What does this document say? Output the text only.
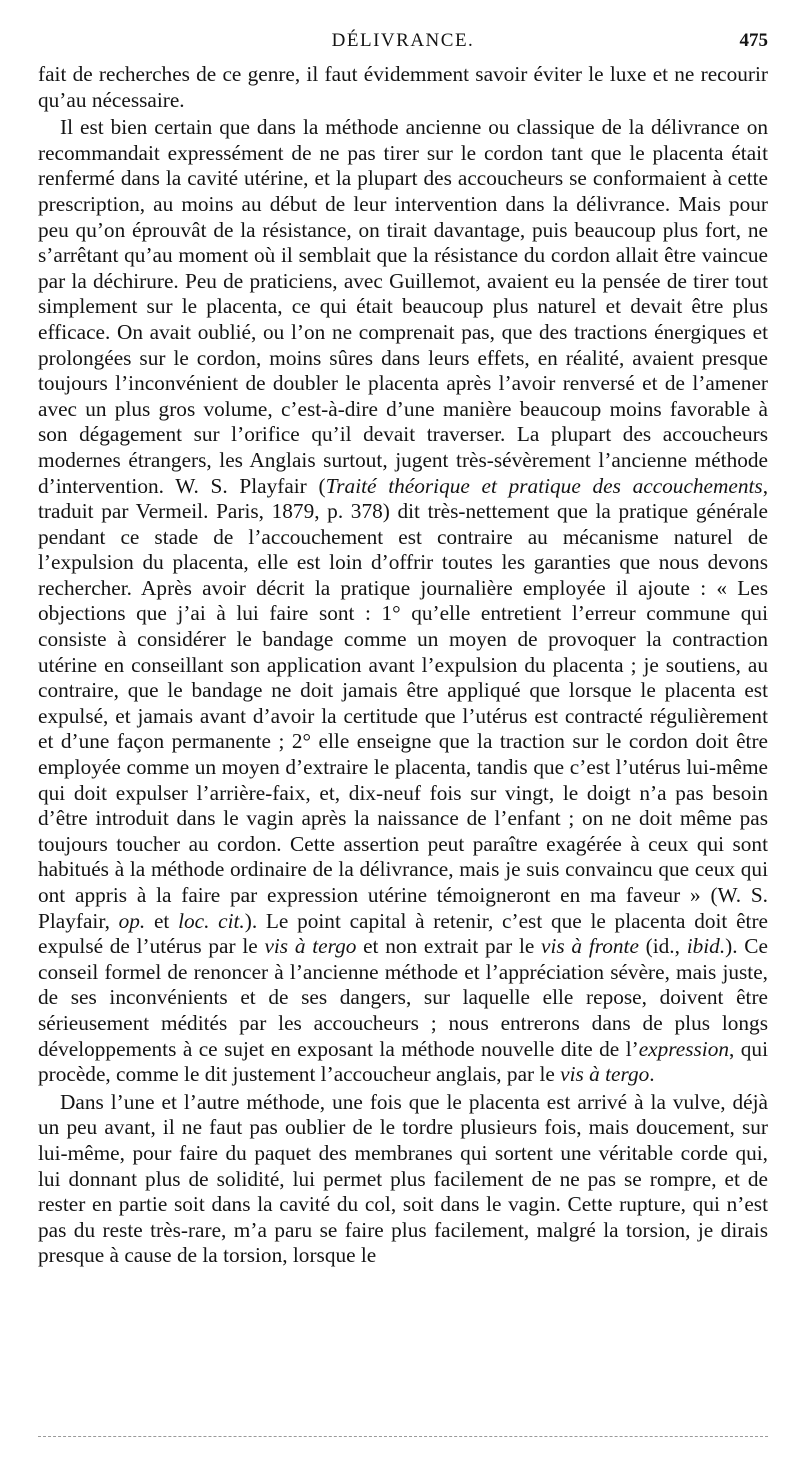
DÉLIVRANCE.	475

fait de recherches de ce genre, il faut évidemment savoir éviter le luxe et ne recourir qu’au nécessaire.

Il est bien certain que dans la méthode ancienne ou classique de la délivrance on recommandait expressément de ne pas tirer sur le cordon tant que le placenta était renfermé dans la cavité utérine, et la plupart des accoucheurs se conformaient à cette prescription, au moins au début de leur intervention dans la délivrance. Mais pour peu qu’on éprouvât de la résistance, on tirait davantage, puis beaucoup plus fort, ne s’arrêtant qu’au moment où il semblait que la résistance du cordon allait être vaincue par la déchirure. Peu de praticiens, avec Guillemot, avaient eu la pensée de tirer tout simplement sur le placenta, ce qui était beaucoup plus naturel et devait être plus efficace. On avait oublié, ou l’on ne comprenait pas, que des tractions énergiques et prolongées sur le cordon, moins sûres dans leurs effets, en réalité, avaient presque toujours l’inconvénient de doubler le placenta après l’avoir renversé et de l’amener avec un plus gros volume, c’est-à-dire d’une manière beaucoup moins favorable à son dégagement sur l’orifice qu’il devait traverser. La plupart des accoucheurs modernes étrangers, les Anglais surtout, jugent très-sévèrement l’ancienne méthode d’intervention. W. S. Playfair (Traité théorique et pratique des accouchements, traduit par Vermeil. Paris, 1879, p. 378) dit très-nettement que la pratique générale pendant ce stade de l’accouchement est contraire au mécanisme naturel de l’expulsion du placenta, elle est loin d’offrir toutes les garanties que nous devons rechercher. Après avoir décrit la pratique journalière employée il ajoute : « Les objections que j’ai à lui faire sont : 1° qu’elle entretient l’erreur commune qui consiste à considérer le bandage comme un moyen de provoquer la contraction utérine en conseillant son application avant l’expulsion du placenta ; je soutiens, au contraire, que le bandage ne doit jamais être appliqué que lorsque le placenta est expulsé, et jamais avant d’avoir la certitude que l’utérus est contracté régulièrement et d’une façon permanente ; 2° elle enseigne que la traction sur le cordon doit être employée comme un moyen d’extraire le placenta, tandis que c’est l’utérus lui-même qui doit expulser l’arrière-faix, et, dix-neuf fois sur vingt, le doigt n’a pas besoin d’être introduit dans le vagin après la naissance de l’enfant ; on ne doit même pas toujours toucher au cordon. Cette assertion peut paraître exagérée à ceux qui sont habitués à la méthode ordinaire de la délivrance, mais je suis convaincu que ceux qui ont appris à la faire par expression utérine témoigneront en ma faveur » (W. S. Playfair, op. et loc. cit.). Le point capital à retenir, c’est que le placenta doit être expulsé de l’utérus par le vis à tergo et non extrait par le vis à fronte (id., ibid.). Ce conseil formel de renoncer à l’ancienne méthode et l’appréciation sévère, mais juste, de ses inconvénients et de ses dangers, sur laquelle elle repose, doivent être sérieusement médités par les accoucheurs ; nous entrerons dans de plus longs développements à ce sujet en exposant la méthode nouvelle dite de l’expression, qui procède, comme le dit justement l’accoucheur anglais, par le vis à tergo.

Dans l’une et l’autre méthode, une fois que le placenta est arrivé à la vulve, déjà un peu avant, il ne faut pas oublier de le tordre plusieurs fois, mais doucement, sur lui-même, pour faire du paquet des membranes qui sortent une véritable corde qui, lui donnant plus de solidité, lui permet plus facilement de ne pas se rompre, et de rester en partie soit dans la cavité du col, soit dans le vagin. Cette rupture, qui n’est pas du reste très-rare, m’a paru se faire plus facilement, malgré la torsion, je dirais presque à cause de la torsion, lorsque le
